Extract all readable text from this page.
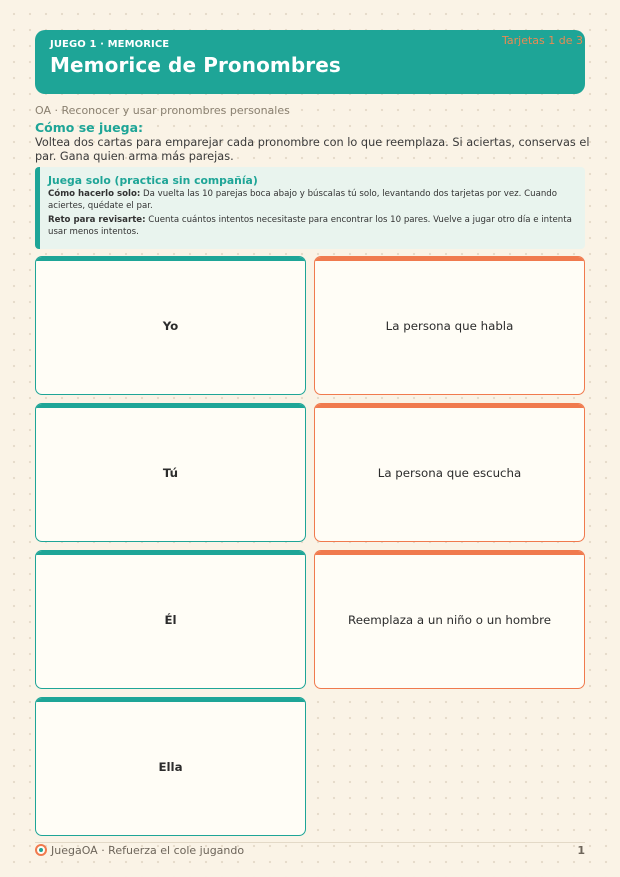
JUEGO 1 · MEMORICE
Memorice de Pronombres
Tarjetas 1 de 3
OA · Reconocer y usar pronombres personales
Cómo se juega:
Voltea dos cartas para emparejar cada pronombre con lo que reemplaza. Si aciertas, conservas el par. Gana quien arma más parejas.
Juega solo (practica sin compañía)
Cómo hacerlo solo: Da vuelta las 10 parejas boca abajo y búscalas tú solo, levantando dos tarjetas por vez. Cuando aciertes, quédate el par.
Reto para revisarte: Cuenta cuántos intentos necesitaste para encontrar los 10 pares. Vuelve a jugar otro día e intenta usar menos intentos.
Yo	La persona que habla
Tú	La persona que escucha
Él	Reemplaza a un niño o un hombre
Ella
JuegaOA · Refuerza el cole jugando	1
